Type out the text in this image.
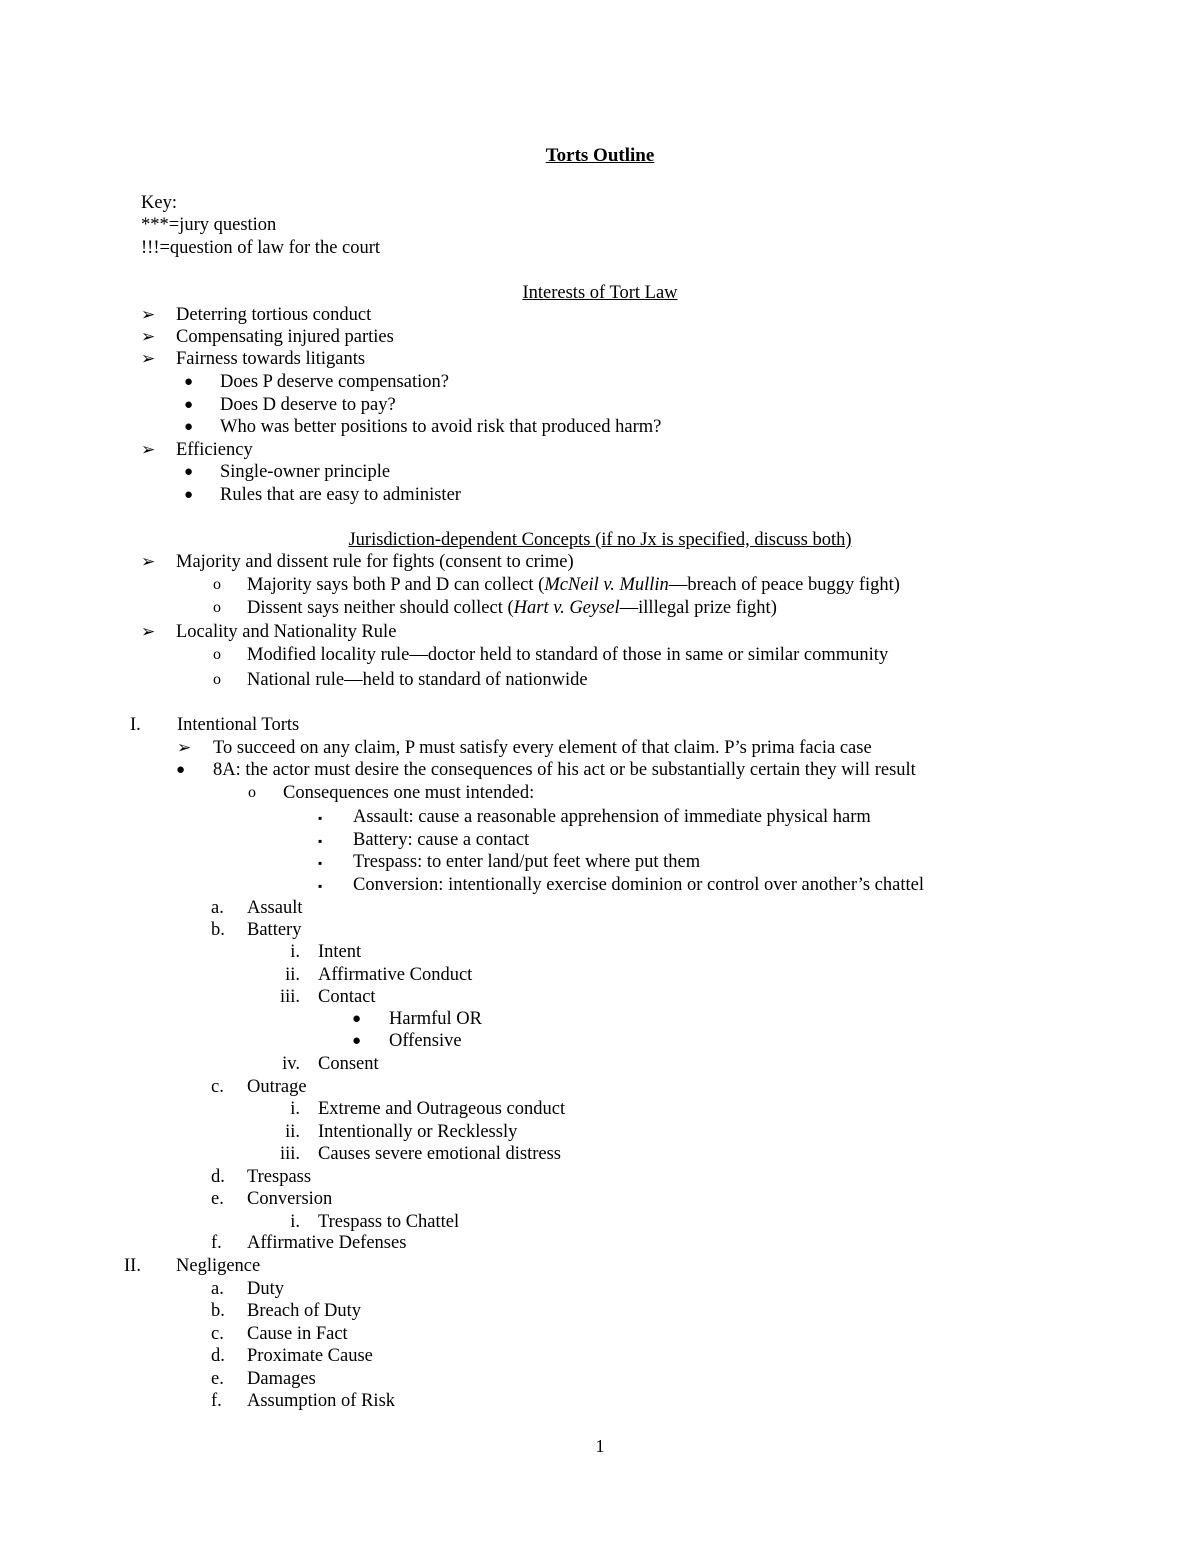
Torts Outline
Key:
***=jury question
!!!=question of law for the court
Interests of Tort Law
➢ Deterring tortious conduct
➢ Compensating injured parties
➢ Fairness towards litigants
● Does P deserve compensation?
● Does D deserve to pay?
● Who was better positions to avoid risk that produced harm?
➢ Efficiency
● Single-owner principle
● Rules that are easy to administer
Jurisdiction-dependent Concepts (if no Jx is specified, discuss both)
➢ Majority and dissent rule for fights (consent to crime)
o Majority says both P and D can collect (McNeil v. Mullin—breach of peace buggy fight)
o Dissent says neither should collect (Hart v. Geysel—illlegal prize fight)
➢ Locality and Nationality Rule
o Modified locality rule—doctor held to standard of those in same or similar community
o National rule—held to standard of nationwide
I. Intentional Torts
➢ To succeed on any claim, P must satisfy every element of that claim. P’s prima facia case
● 8A: the actor must desire the consequences of his act or be substantially certain they will result
o Consequences one must intended:
▪ Assault: cause a reasonable apprehension of immediate physical harm
▪ Battery: cause a contact
▪ Trespass: to enter land/put feet where put them
▪ Conversion: intentionally exercise dominion or control over another’s chattel
a. Assault
b. Battery
i. Intent
ii. Affirmative Conduct
iii. Contact
● Harmful OR
● Offensive
iv. Consent
c. Outrage
i. Extreme and Outrageous conduct
ii. Intentionally or Recklessly
iii. Causes severe emotional distress
d. Trespass
e. Conversion
i. Trespass to Chattel
f. Affirmative Defenses
II. Negligence
a. Duty
b. Breach of Duty
c. Cause in Fact
d. Proximate Cause
e. Damages
f. Assumption of Risk
1
